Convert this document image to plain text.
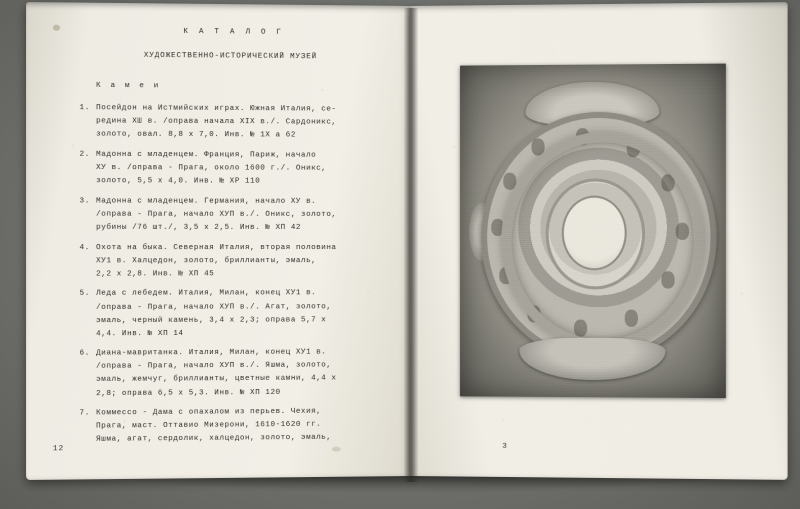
К А Т А Л О Г
ХУДОЖЕСТВЕННО-ИСТОРИЧЕСКИЙ МУЗЕЙ
К а м е и
1. Посейдон на Истмийских играх. Южная Италия, се-
редина ХШ в. /оправа начала XIX в./. Сардоникс,
золото, овал. 8,8 х 7,0. Инв. № 1Х а 62
2. Мадонна с младенцем. Франция, Париж, начало
ХУ в. /оправа - Прага, около 1600 г./. Оникс,
золото, 5,5 х 4,0. Инв. № ХР 110
3. Мадонна с младенцем. Германия, начало ХУ в.
/оправа - Прага, начало ХУП в./. Оникс, золото,
рубины /76 шт./, 3,5 х 2,5. Инв. № ХП 42
4. Охота на быка. Северная Италия, вторая половина
ХУ1 в. Халцедон, золото, бриллианты, эмаль,
2,2 х 2,8. Инв. № ХП 45
5. Леда с лебедем. Италия, Милан, конец ХУ1 в.
/оправа - Прага, начало ХУП в./. Агат, золото,
эмаль, черный камень, 3,4 х 2,3; оправа 5,7 х
4,4. Инв. № ХП 14
6. Диана-мавританка. Италия, Милан, конец ХУ1 в.
/оправа - Прага, начало ХУП в./. Яшма, золото,
эмаль, жемчуг, бриллианты, цветные камни, 4,4 х
2,8; оправа 6,5 х 5,3. Инв. № ХП 120
7. Коммессо - Дама с опахалом из перьев. Чехия,
Прага, маст. Оттавио Мизерони, 1610-1620 гг.
Яшма, агат, сердолик, халцедон, золото, эмаль,
12	3
